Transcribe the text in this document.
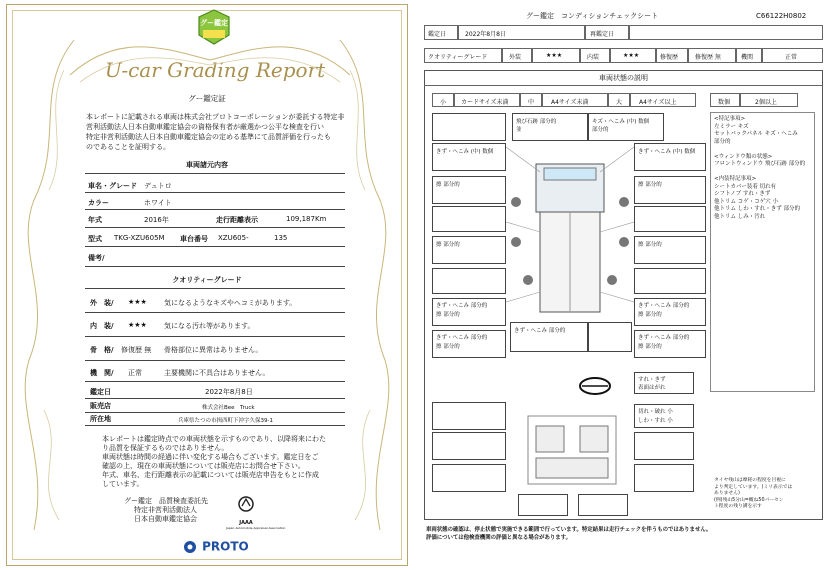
グー鑑定
U-car Grading Report
グー鑑定証
本レポートに記載される車両は株式会社プロトコーポレーションが委託する特定非
営利活動法人日本自動車鑑定協会の資格保有者が厳選かつ公平な検査を行い
特定非営利活動法人日本自動車鑑定協会の定める基準にて品質評価を行ったも
のであることを証明する。
車両諸元内容
車名・グレード デュトロ
カラー	ホワイト
年式	2016年	走行距離表示	109,187Km
型式 TKG-XZU605M 車台番号 XZU605-	135
備考/
クオリティーグレード
外　装/ ★★★ 気になるようなキズやヘコミがあります。
内　装/ ★★★ 気になる汚れ等があります。
骨　格/ 修復歴 無 骨格部位に異常はありません。
機　関/ 正常	主要機関に不具合はありません。
鑑定日	2022年8月8日
販売店	株式会社Bee　Truck
所在地	兵庫県たつの市揖西町下沖字久保39-1
本レポートは鑑定時点での車両状態を示すものであり、以降将来にわた
り品質を保証するものではありません。
車両状態は時間の経過に伴い変化する場合もございます。鑑定日をご
確認の上、現在の車両状態については販売店にお問合せ下さい。
年式、車名、走行距離表示の記載については販売店申告をもとに作成
しています。
グー鑑定　品質検査委託先
特定非営利活動法人
日本自動車鑑定協会	JAAA
Japan Automobile Appraisal Association
PROTO
グー鑑定　コンディションチェックシート	C66122H0802
鑑定日	2022年8月8日	再鑑定日
クオリティーグレード	外装	★★★	内装	★★★	修復歴	修復歴 無	機関	正常
車両状態の説明
小 カードサイズ未満	中	A4サイズ未満	大	A4サイズ以上	数個	2個以上
<特記事項>
左ミラー キズ
セットバックパネル キズ・ヘこみ
部分的
<ウィンドウ類の状態>
フロントウィンドウ 飛び石跡 部分的
<内装特記事項>
シートカバー装着 切れ有
シフトノブ すれ・きず
他トリム コゲ・コゲ穴 小
他トリム しわ・すれ・きず 部分的
他トリム しみ・汚れ
飛び石跡 部分的
並
キズ・ヘこみ (中) 数個
部分的
きず・へこみ (中) 数個	きず・へこみ (中) 数個
擦 部分的	擦 部分的
擦 部分的	擦 部分的
きず・へこみ 部分的
擦 部分的
きず・へこみ 部分的
擦 部分的
きず・へこみ 部分的
擦 部分的
きず・へこみ 部分的
きず・へこみ 部分的
擦 部分的
すれ・きず
表面はがれ
切れ・破れ 小
しわ・すれ 小
タイヤ残山は摩耗の程度を目視に
より判定しています。(ミリ表示では
ありません)
(例)残山5分山=概ね50パーセン
ト程度の残り溝を示す
車両状態の確認は、停止状態で実施できる範囲で行っています。特定結果は走行チェックを伴うものではありません。
評価については他検査機関の評価と異なる場合があります。
